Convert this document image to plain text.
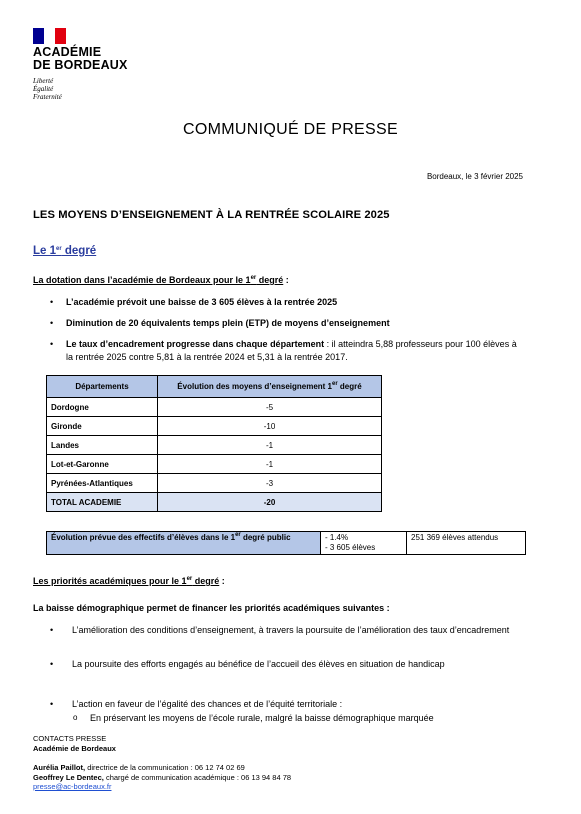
ACADÉMIE
DE BORDEAUX
Liberté
Égalité
Fraternité
COMMUNIQUÉ DE PRESSE
Bordeaux, le 3 février 2025
LES MOYENS D’ENSEIGNEMENT À LA RENTRÉE SCOLAIRE 2025
Le 1er degré
La dotation dans l’académie de Bordeaux pour le 1er degré :
• L’académie prévoit une baisse de 3 605 élèves à la rentrée 2025
• Diminution de 20 équivalents temps plein (ETP) de moyens d’enseignement
• Le taux d’encadrement progresse dans chaque département : il atteindra 5,88 professeurs pour 100 élèves à la rentrée 2025 contre 5,81 à la rentrée 2024 et 5,31 à la rentrée 2017.
Départements	Évolution des moyens d’enseignement 1er degré
Dordogne	-5
Gironde	-10
Landes	-1
Lot-et-Garonne	-1
Pyrénées-Atlantiques	-3
TOTAL ACADEMIE	-20
Évolution prévue des effectifs d’élèves dans le 1er degré public	- 1.4%
- 3 605 élèves
	251 369 élèves attendus
Les priorités académiques pour le 1er degré :
La baisse démographique permet de financer les priorités académiques suivantes :
• L’amélioration des conditions d’enseignement, à travers la poursuite de l’amélioration des taux d’encadrement
• La poursuite des efforts engagés au bénéfice de l’accueil des élèves en situation de handicap
• L’action en faveur de l’égalité des chances et de l’équité territoriale :
o En préservant les moyens de l’école rurale, malgré la baisse démographique marquée
CONTACTS PRESSE
Académie de Bordeaux
Aurélia Paillot, directrice de la communication : 06 12 74 02 69
Geoffrey Le Dentec, chargé de communication académique : 06 13 94 84 78
presse@ac-bordeaux.fr
